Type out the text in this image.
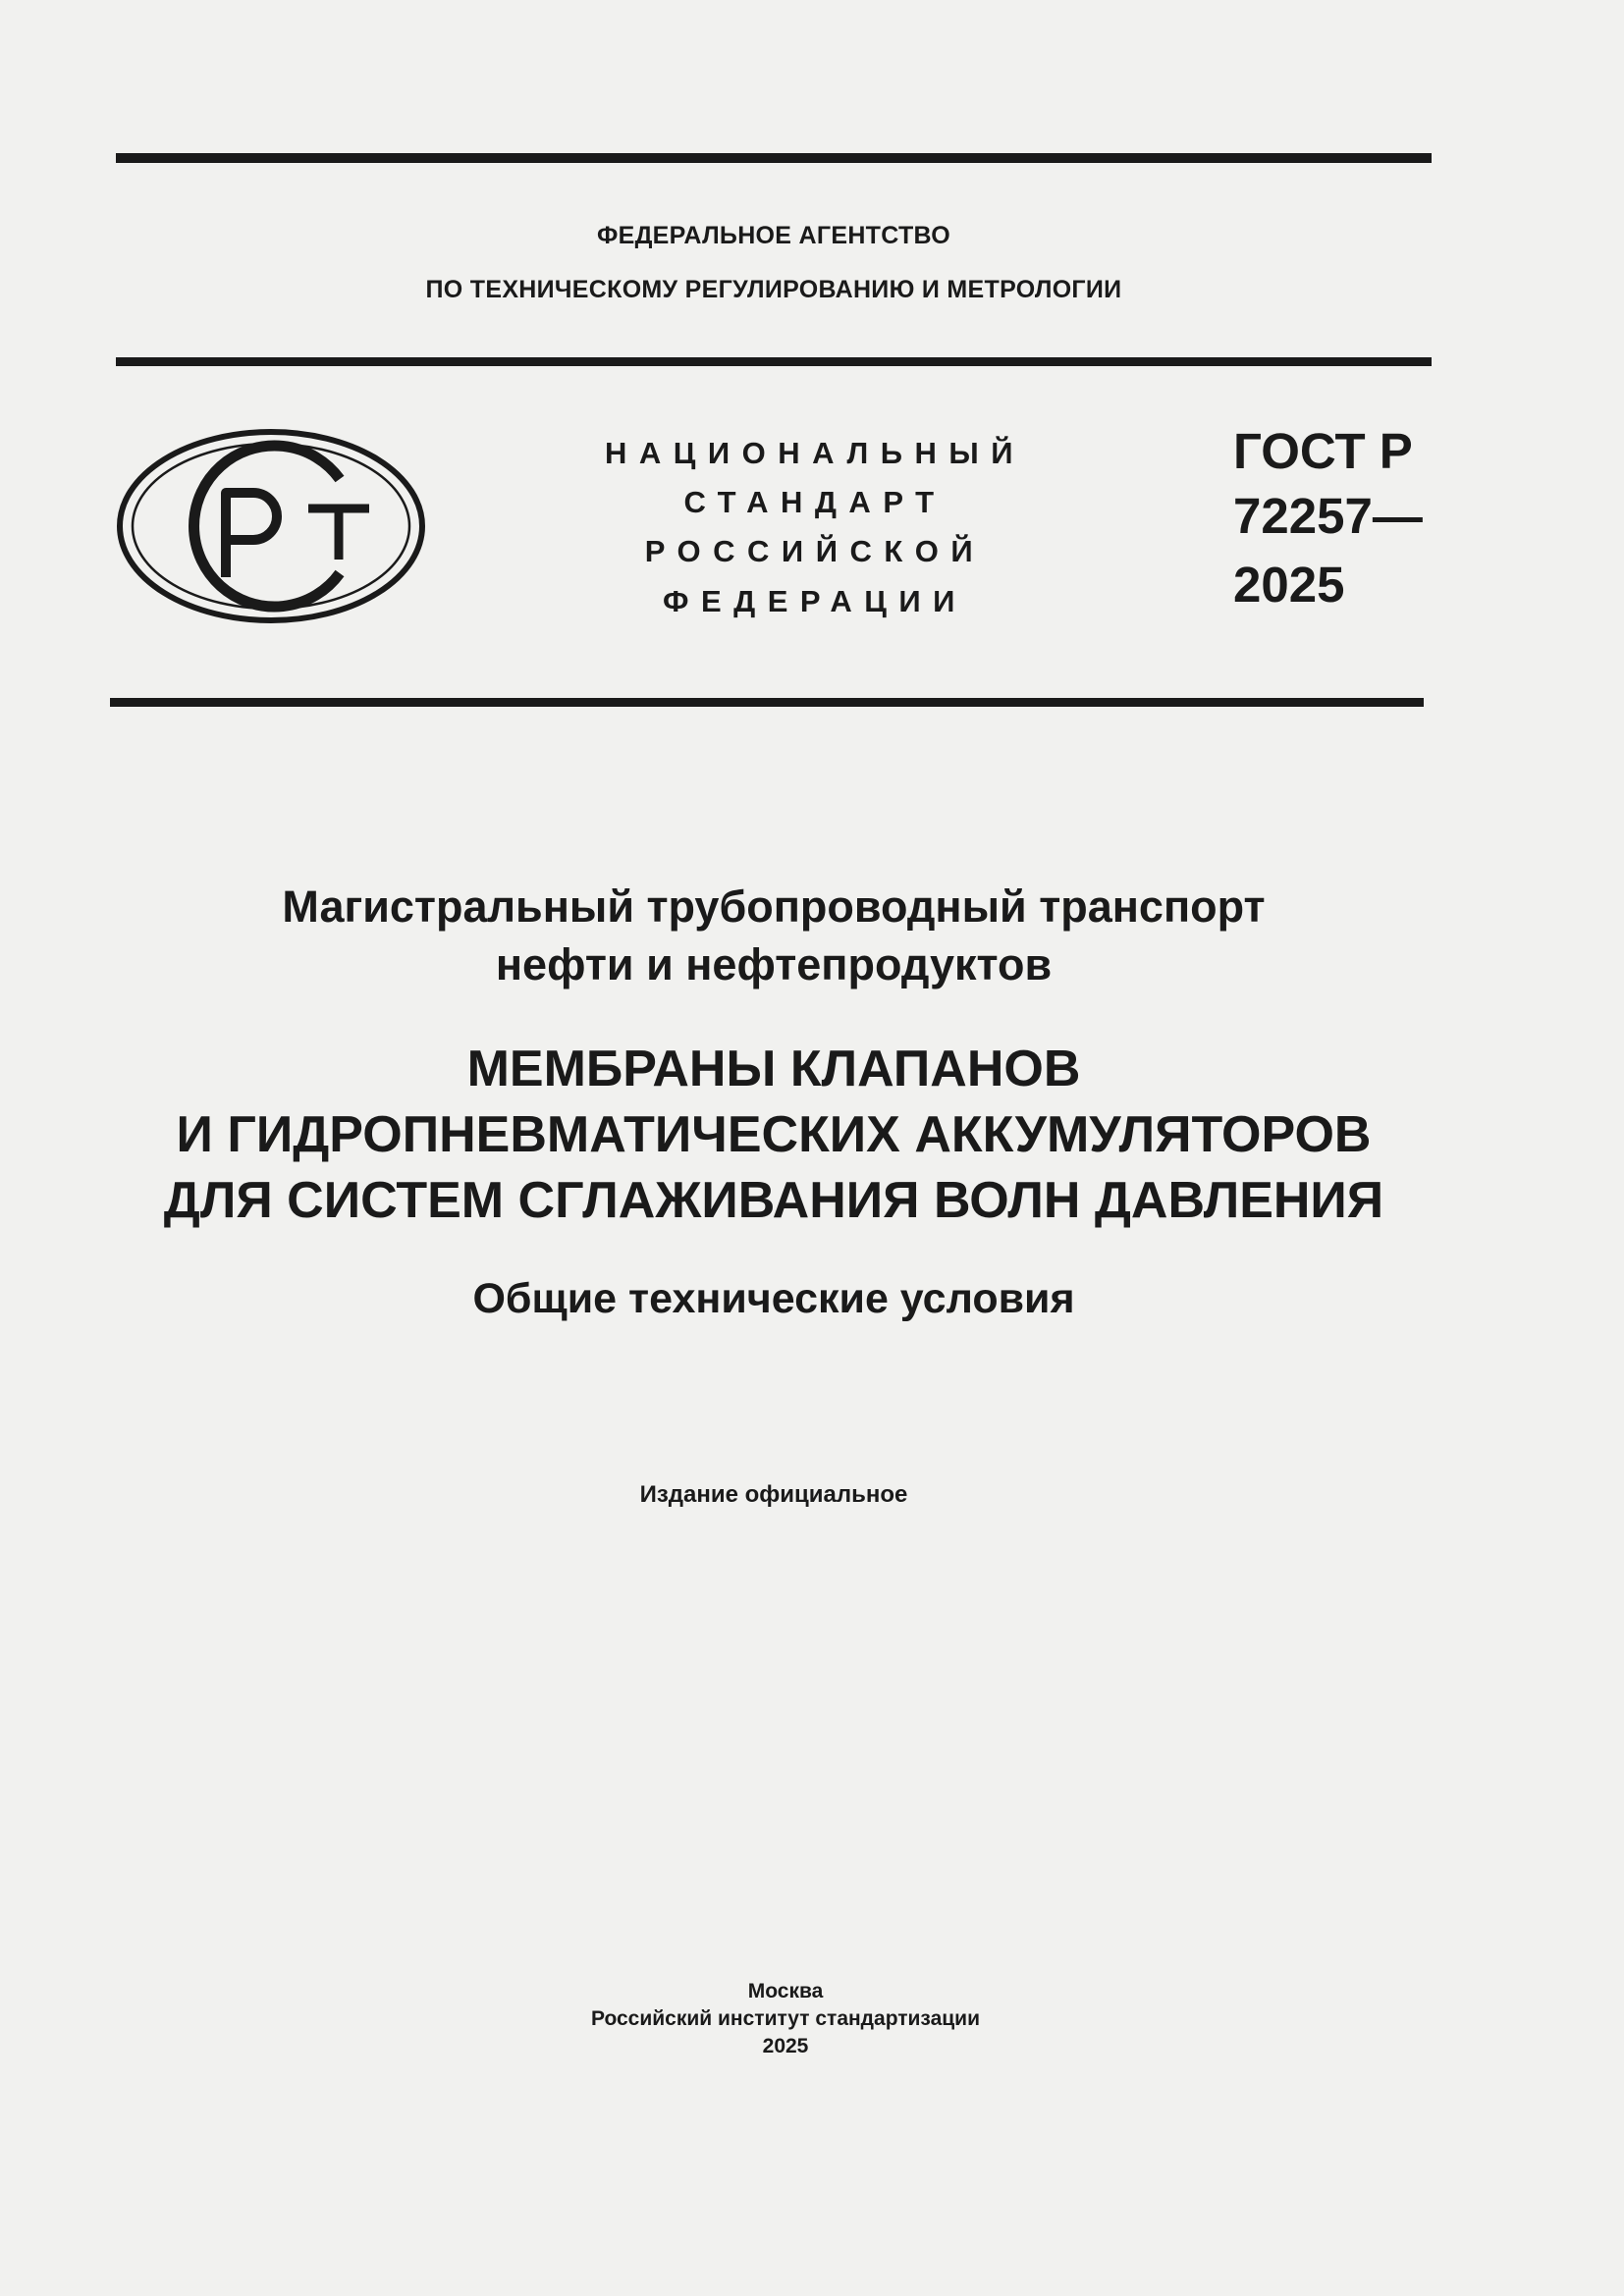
ФЕДЕРАЛЬНОЕ АГЕНТСТВО
ПО ТЕХНИЧЕСКОМУ РЕГУЛИРОВАНИЮ И МЕТРОЛОГИИ
НАЦИОНАЛЬНЫЙ
СТАНДАРТ
РОССИЙСКОЙ
ФЕДЕРАЦИИ
ГОСТ Р
72257—
2025
Магистральный трубопроводный транспорт
нефти и нефтепродуктов
МЕМБРАНЫ КЛАПАНОВ
И ГИДРОПНЕВМАТИЧЕСКИХ АККУМУЛЯТОРОВ
ДЛЯ СИСТЕМ СГЛАЖИВАНИЯ ВОЛН ДАВЛЕНИЯ
Общие технические условия
Издание официальное
Москва
Российский институт стандартизации
2025
